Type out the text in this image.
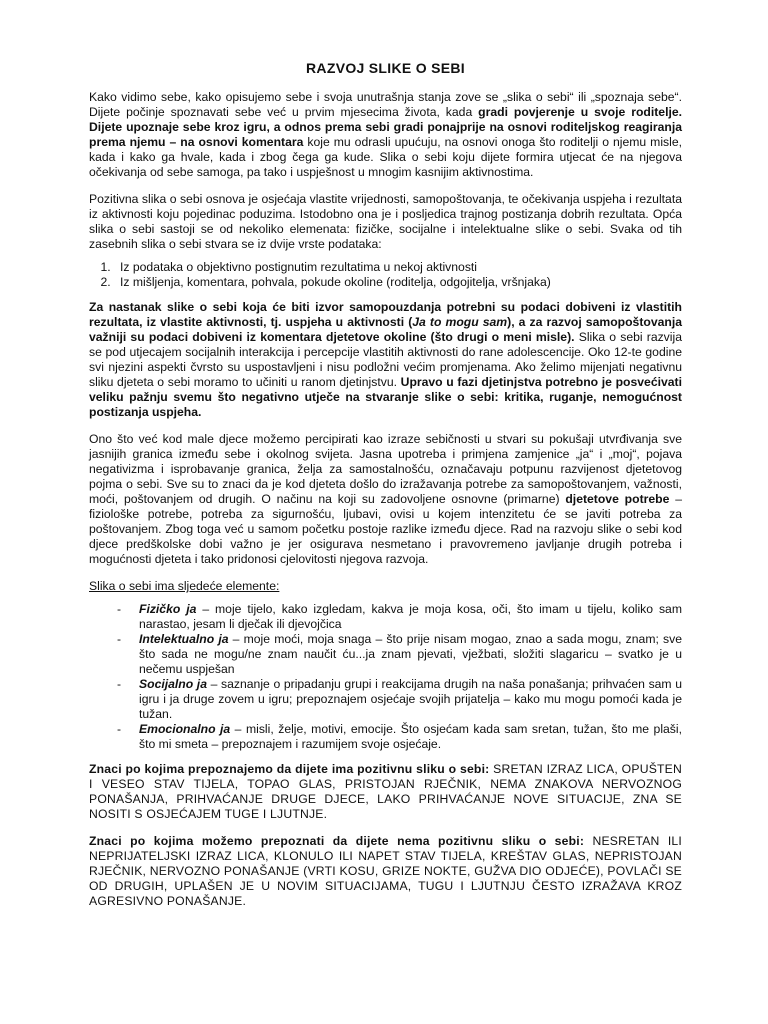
RAZVOJ SLIKE O SEBI

Kako vidimo sebe, kako opisujemo sebe i svoja unutrašnja stanja zove se „slika o sebi“ ili „spoznaja sebe“. Dijete počinje spoznavati sebe već u prvim mjesecima života, kada gradi povjerenje u svoje roditelje. Dijete upoznaje sebe kroz igru, a odnos prema sebi gradi ponajprije na osnovi roditeljskog reagiranja prema njemu – na osnovi komentara koje mu odrasli upućuju, na osnovi onoga što roditelji o njemu misle, kada i kako ga hvale, kada i zbog čega ga kude. Slika o sebi koju dijete formira utjecat će na njegova očekivanja od sebe samoga, pa tako i uspješnost u mnogim kasnijim aktivnostima.

Pozitivna slika o sebi osnova je osjećaja vlastite vrijednosti, samopoštovanja, te očekivanja uspjeha i rezultata iz aktivnosti koju pojedinac poduzima. Istodobno ona je i posljedica trajnog postizanja dobrih rezultata. Opća slika o sebi sastoji se od nekoliko elemenata: fizičke, socijalne i intelektualne slike o sebi. Svaka od tih zasebnih slika o sebi stvara se iz dvije vrste podataka:

1. Iz podataka o objektivno postignutim rezultatima u nekoj aktivnosti
2. Iz mišljenja, komentara, pohvala, pokude okoline (roditelja, odgojitelja, vršnjaka)

Za nastanak slike o sebi koja će biti izvor samopouzdanja potrebni su podaci dobiveni iz vlastitih rezultata, iz vlastite aktivnosti, tj. uspjeha u aktivnosti (Ja to mogu sam), a za razvoj samopoštovanja važniji su podaci dobiveni iz komentara djetetove okoline (što drugi o meni misle). Slika o sebi razvija se pod utjecajem socijalnih interakcija i percepcije vlastitih aktivnosti do rane adolescencije. Oko 12-te godine svi njezini aspekti čvrsto su uspostavljeni i nisu podložni većim promjenama. Ako želimo mijenjati negativnu sliku djeteta o sebi moramo to učiniti u ranom djetinjstvu. Upravo u fazi djetinjstva potrebno je posvećivati veliku pažnju svemu što negativno utječe na stvaranje slike o sebi: kritika, ruganje, nemogućnost postizanja uspjeha.

Ono što već kod male djece možemo percipirati kao izraze sebičnosti u stvari su pokušaji utvrđivanja sve jasnijih granica između sebe i okolnog svijeta. Jasna upotreba i primjena zamjenice „ja“ i „moj“, pojava negativizma i isprobavanje granica, želja za samostalnošću, označavaju potpunu razvijenost djetetovog pojma o sebi. Sve su to znaci da je kod djeteta došlo do izražavanja potrebe za samopoštovanjem, važnosti, moći, poštovanjem od drugih. O načinu na koji su zadovoljene osnovne (primarne) djetetove potrebe – fiziološke potrebe, potreba za sigurnošću, ljubavi, ovisi u kojem intenzitetu će se javiti potreba za poštovanjem. Zbog toga već u samom početku postoje razlike između djece. Rad na razvoju slike o sebi kod djece predškolske dobi važno je jer osigurava nesmetano i pravovremeno javljanje drugih potreba i mogućnosti djeteta i tako pridonosi cjelovitosti njegova razvoja.

Slika o sebi ima sljedeće elemente:

- Fizičko ja – moje tijelo, kako izgledam, kakva je moja kosa, oči, što imam u tijelu, koliko sam narastao, jesam li dječak ili djevojčica
- Intelektualno ja – moje moći, moja snaga – što prije nisam mogao, znao a sada mogu, znam; sve što sada ne mogu/ne znam naučit ću...ja znam pjevati, vježbati, složiti slagaricu – svatko je u nečemu uspješan
- Socijalno ja – saznanje o pripadanju grupi i reakcijama drugih na naša ponašanja; prihvaćen sam u igru i ja druge zovem u igru; prepoznajem osjećaje svojih prijatelja – kako mu mogu pomoći kada je tužan.
- Emocionalno ja – misli, želje, motivi, emocije. Što osjećam kada sam sretan, tužan, što me plaši, što mi smeta – prepoznajem i razumijem svoje osjećaje.

Znaci po kojima prepoznajemo da dijete ima pozitivnu sliku o sebi: SRETAN IZRAZ LICA, OPUŠTEN I VESEO STAV TIJELA, TOPAO GLAS, PRISTOJAN RJEČNIK, NEMA ZNAKOVA NERVOZNOG PONAŠANJA, PRIHVAĆANJE DRUGE DJECE, LAKO PRIHVAĆANJE NOVE SITUACIJE, ZNA SE NOSITI S OSJEĆAJEM TUGE I LJUTNJE.

Znaci po kojima možemo prepoznati da dijete nema pozitivnu sliku o sebi: NESRETAN ILI NEPRIJATELJSKI IZRAZ LICA, KLONULO ILI NAPET STAV TIJELA, KREŠTAV GLAS, NEPRISTOJAN RJEČNIK, NERVOZNO PONAŠANJE (VRTI KOSU, GRIZE NOKTE, GUŽVA DIO ODJEĆE), POVLAČI SE OD DRUGIH, UPLAŠEN JE U NOVIM SITUACIJAMA, TUGU I LJUTNJU ČESTO IZRAŽAVA KROZ AGRESIVNO PONAŠANJE.
